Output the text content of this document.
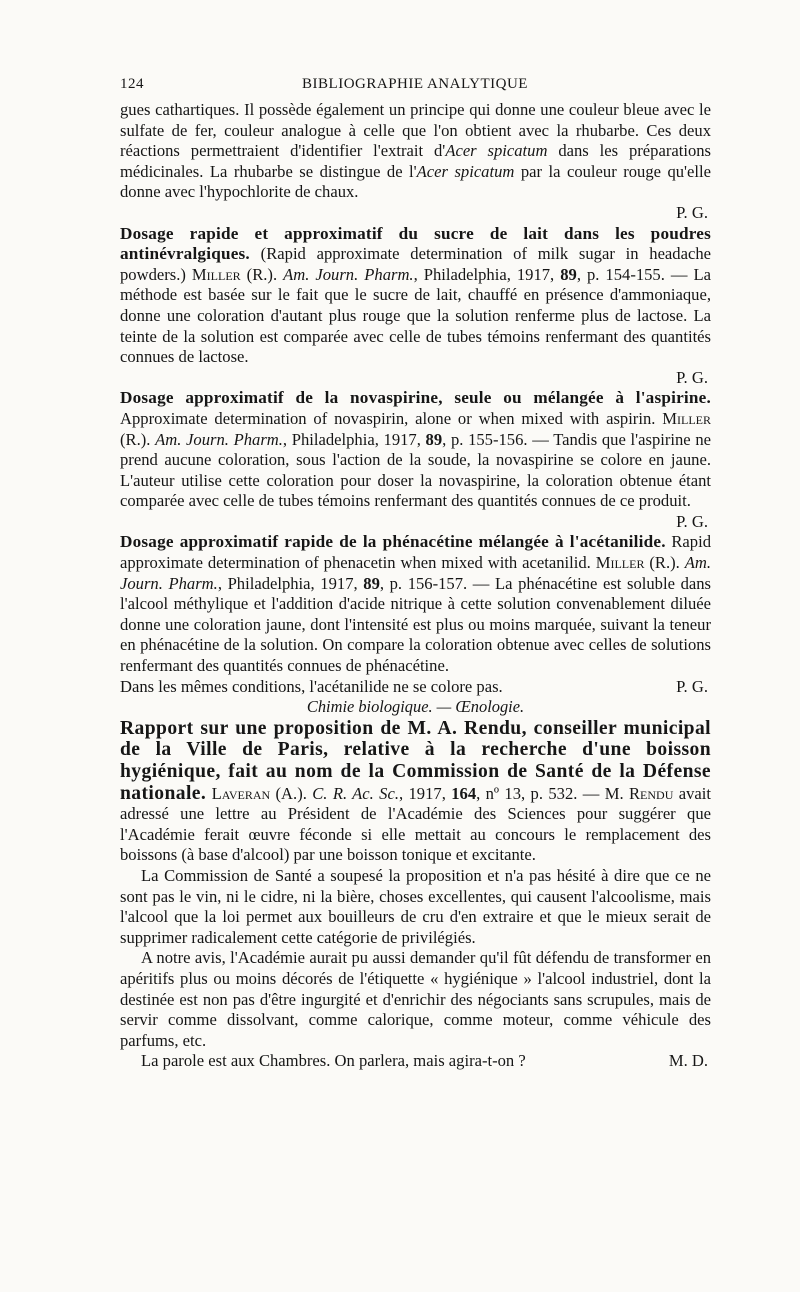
124	BIBLIOGRAPHIE ANALYTIQUE

gues cathartiques. Il possède également un principe qui donne une couleur bleue avec le sulfate de fer, couleur analogue à celle que l'on obtient avec la rhubarbe. Ces deux réactions permettraient d'identifier l'extrait d'Acer spicatum dans les préparations médicinales. La rhubarbe se distingue de l'Acer spicatum par la couleur rouge qu'elle donne avec l'hypochlorite de chaux.

P. G.

Dosage rapide et approximatif du sucre de lait dans les poudres antinévralgiques. (Rapid approximate determination of milk sugar in headache powders.) Miller (R.). Am. Journ. Pharm., Philadelphia, 1917, 89, p. 154-155. — La méthode est basée sur le fait que le sucre de lait, chauffé en présence d'ammoniaque, donne une coloration d'autant plus rouge que la solution renferme plus de lactose. La teinte de la solution est comparée avec celle de tubes témoins renfermant des quantités connues de lactose.

P. G.

Dosage approximatif de la novaspirine, seule ou mélangée à l'aspirine. Approximate determination of novaspirin, alone or when mixed with aspirin. Miller (R.). Am. Journ. Pharm., Philadelphia, 1917, 89, p. 155-156. — Tandis que l'aspirine ne prend aucune coloration, sous l'action de la soude, la novaspirine se colore en jaune. L'auteur utilise cette coloration pour doser la novaspirine, la coloration obtenue étant comparée avec celle de tubes témoins renfermant des quantités connues de ce produit.

P. G.

Dosage approximatif rapide de la phénacétine mélangée à l'acétanilide. Rapid approximate determination of phenacetin when mixed with acetanilid. Miller (R.). Am. Journ. Pharm., Philadelphia, 1917, 89, p. 156-157. — La phénacétine est soluble dans l'alcool méthylique et l'addition d'acide nitrique à cette solution convenablement diluée donne une coloration jaune, dont l'intensité est plus ou moins marquée, suivant la teneur en phénacétine de la solution. On compare la coloration obtenue avec celles de solutions renfermant des quantités connues de phénacétine.

Dans les mêmes conditions, l'acétanilide ne se colore pas.	P. G.

Chimie biologique. — Œnologie.

Rapport sur une proposition de M. A. Rendu, conseiller municipal de la Ville de Paris, relative à la recherche d'une boisson hygiénique, fait au nom de la Commission de Santé de la Défense nationale. Laveran (A.). C. R. Ac. Sc., 1917, 164, nº 13, p. 532. — M. Rendu avait adressé une lettre au Président de l'Académie des Sciences pour suggérer que l'Académie ferait œuvre féconde si elle mettait au concours le remplacement des boissons (à base d'alcool) par une boisson tonique et excitante.

La Commission de Santé a soupesé la proposition et n'a pas hésité à dire que ce ne sont pas le vin, ni le cidre, ni la bière, choses excellentes, qui causent l'alcoolisme, mais l'alcool que la loi permet aux bouilleurs de cru d'en extraire et que le mieux serait de supprimer radicalement cette catégorie de privilégiés.

A notre avis, l'Académie aurait pu aussi demander qu'il fût défendu de transformer en apéritifs plus ou moins décorés de l'étiquette « hygiénique » l'alcool industriel, dont la destinée est non pas d'être ingurgité et d'enrichir des négociants sans scrupules, mais de servir comme dissolvant, comme calorique, comme moteur, comme véhicule des parfums, etc.

La parole est aux Chambres. On parlera, mais agira-t-on ?	M. D.
